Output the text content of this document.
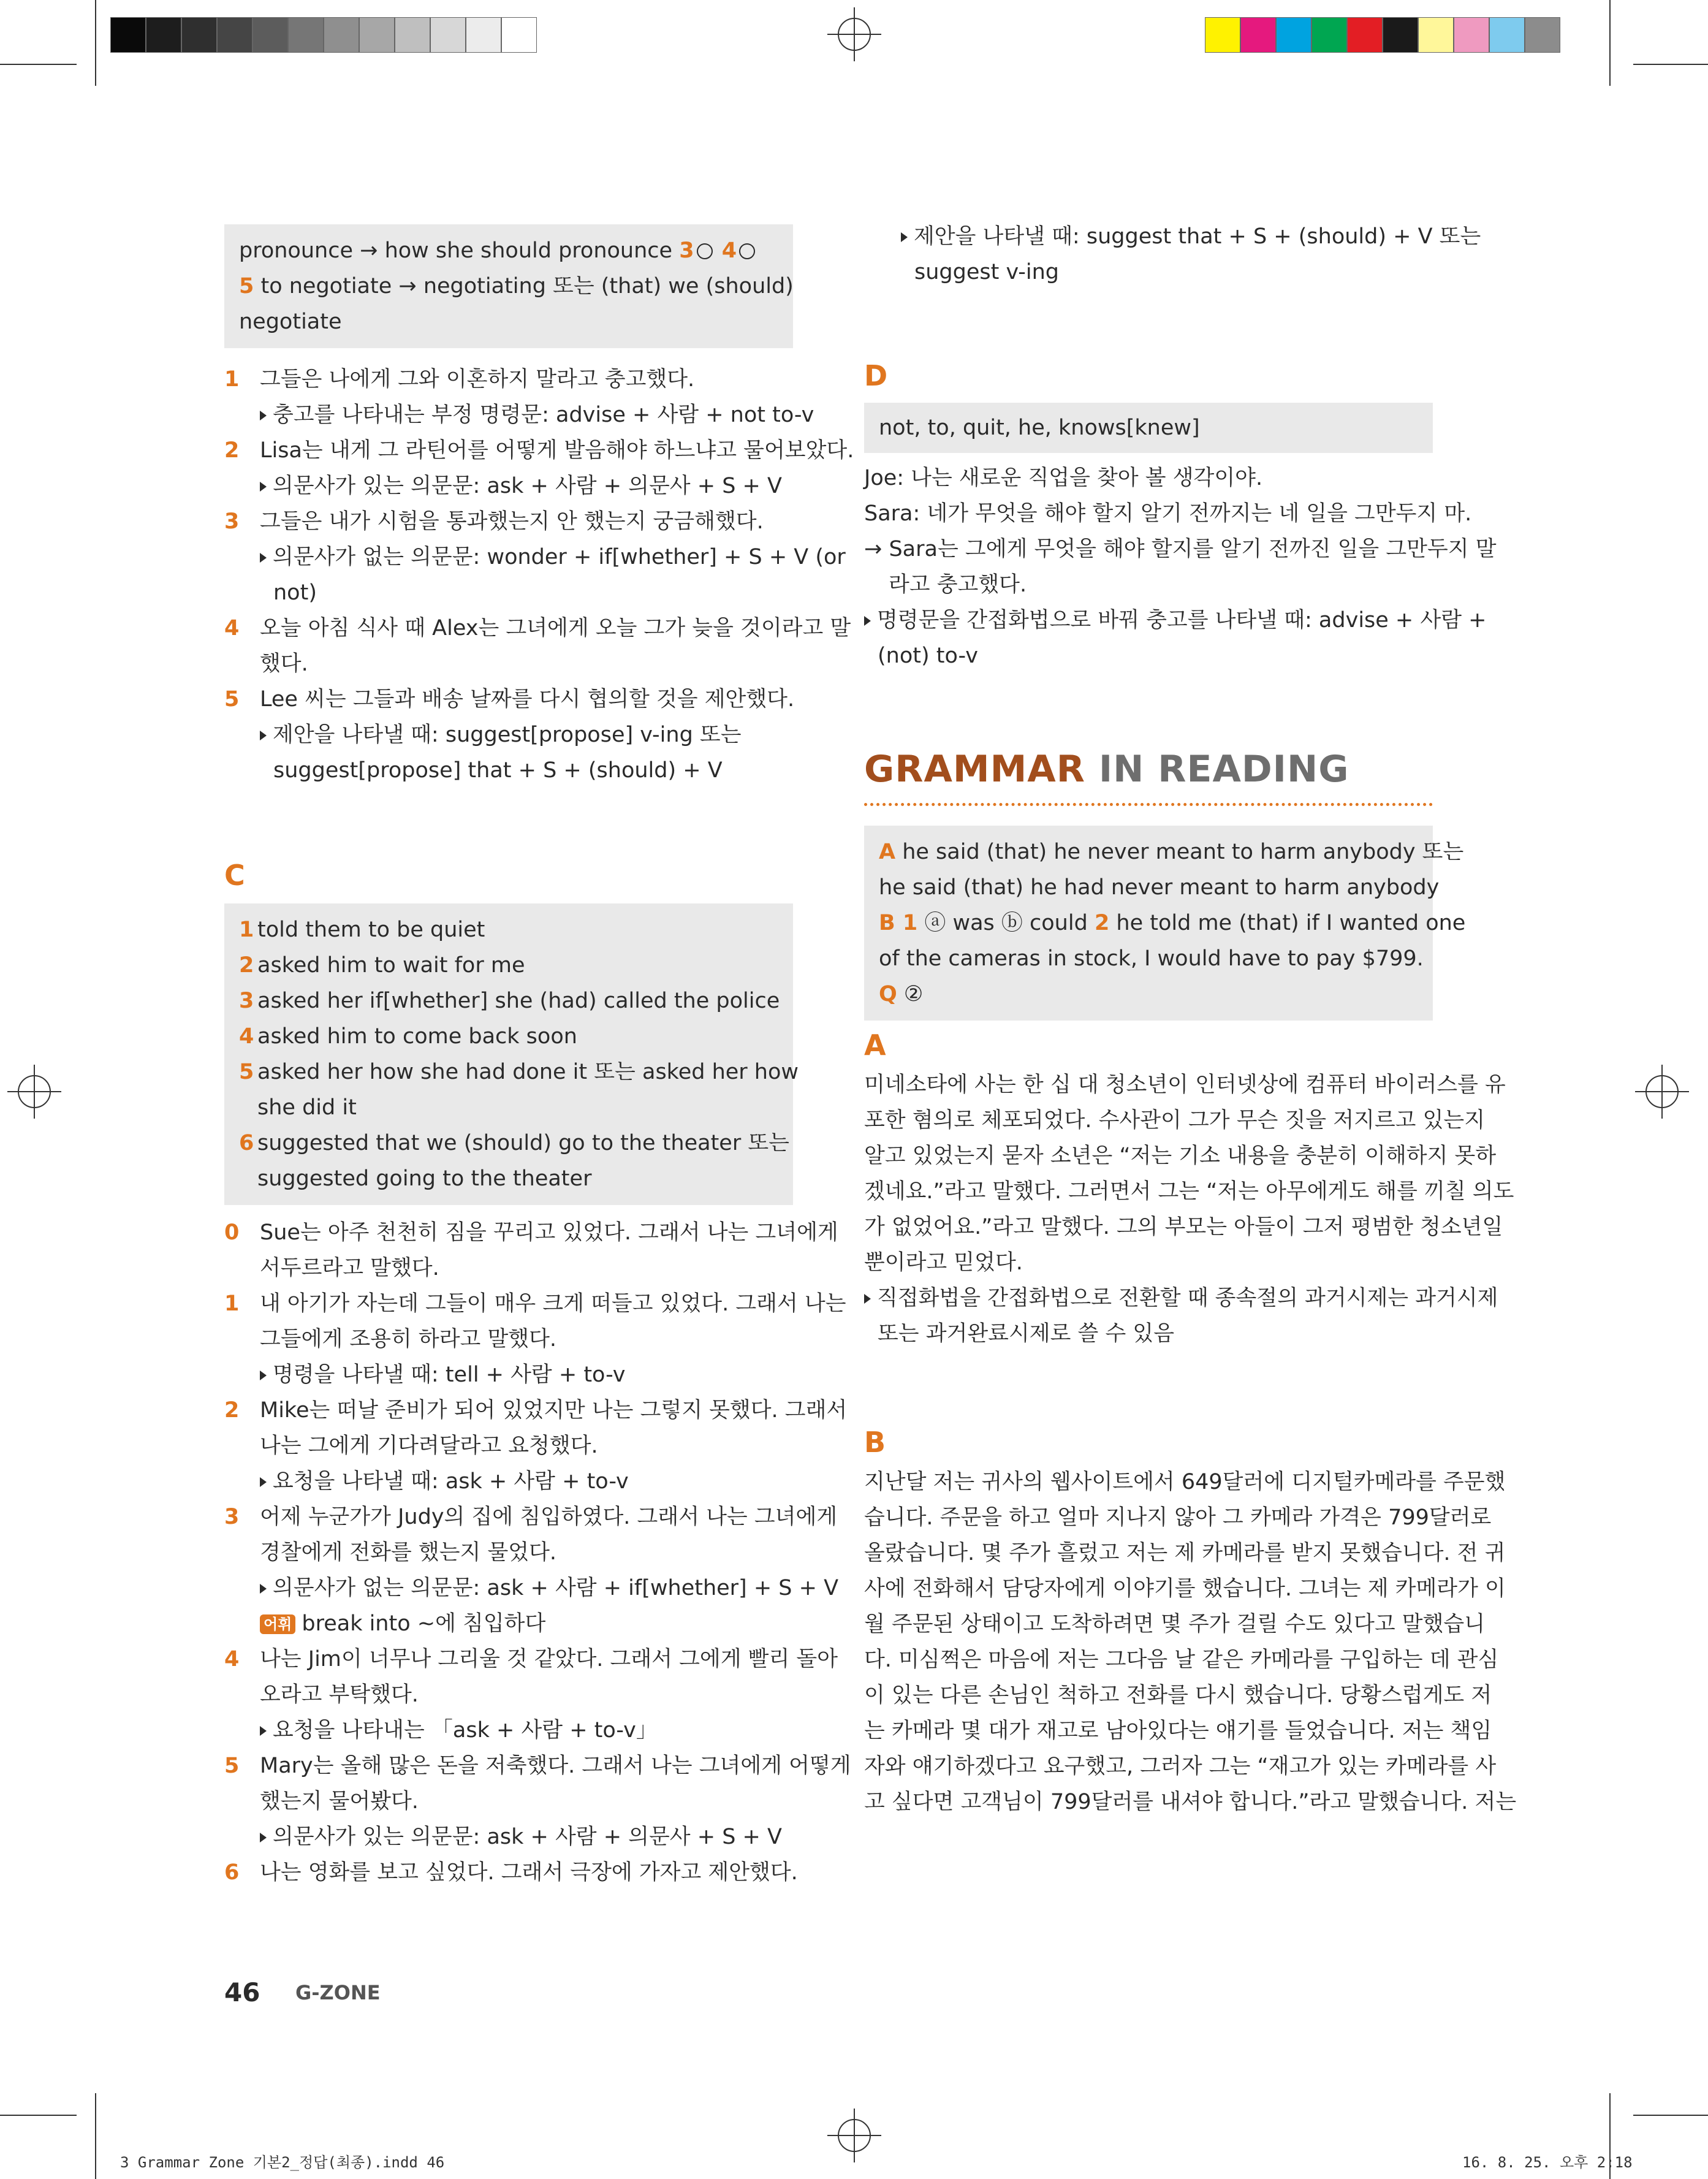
pronounce → how she should pronounce 3 ○ 4
5 to negotiate → negotiating 또는 (that) we (should)
negotiate
1 그들은 나에게 그와 이혼하지 말라고 충고했다.
충고를 나타내는 부정 명령문: advise + 사람 + not to-v
2 Lisa는 내게 그 라틴어를 어떻게 발음해야 하느냐고 물어보았다.
의문사가 있는 의문문: ask + 사람 + 의문사 + S + V
3 그들은 내가 시험을 통과했는지 안 했는지 궁금해했다.
의문사가 없는 의문문: wonder + if[whether] + S + V (or
not)
4 오늘 아침 식사 때 Alex는 그녀에게 오늘 그가 늦을 것이라고 말
했다.
5 Lee 씨는 그들과 배송 날짜를 다시 협의할 것을 제안했다.
제안을 나타낼 때: suggest[propose] v-ing 또는
suggest[propose] that + S + (should) + V
C
1 told them to be quiet
2 asked him to wait for me
3 asked her if[whether] she (had) called the police
4 asked him to come back soon
5 asked her how she had done it 또는 asked her how
she did it
6 suggested that we (should) go to the theater 또는
suggested going to the theater
0 Sue는 아주 천천히 짐을 꾸리고 있었다. 그래서 나는 그녀에게
서두르라고 말했다.
1 내 아기가 자는데 그들이 매우 크게 떠들고 있었다. 그래서 나는
그들에게 조용히 하라고 말했다.
명령을 나타낼 때: tell + 사람 + to-v
2 Mike는 떠날 준비가 되어 있었지만 나는 그렇지 못했다. 그래서
나는 그에게 기다려달라고 요청했다.
요청을 나타낼 때: ask + 사람 + to-v
3 어제 누군가가 Judy의 집에 침입하였다. 그래서 나는 그녀에게
경찰에게 전화를 했는지 물었다.
의문사가 없는 의문문: ask + 사람 + if[whether] + S + V
어휘 break into ~에 침입하다
4 나는 Jim이 너무나 그리울 것 같았다. 그래서 그에게 빨리 돌아
오라고 부탁했다.
요청을 나타내는 「ask + 사람 + to-v」
5 Mary는 올해 많은 돈을 저축했다. 그래서 나는 그녀에게 어떻게
했는지 물어봤다.
의문사가 있는 의문문: ask + 사람 + 의문사 + S + V
6 나는 영화를 보고 싶었다. 그래서 극장에 가자고 제안했다.
제안을 나타낼 때: suggest that + S + (should) + V 또는
suggest v-ing
D
not, to, quit, he, knows[knew]
Joe: 나는 새로운 직업을 찾아 볼 생각이야.
Sara: 네가 무엇을 해야 할지 알기 전까지는 네 일을 그만두지 마.
→ Sara는 그에게 무엇을 해야 할지를 알기 전까진 일을 그만두지 말
라고 충고했다.
명령문을 간접화법으로 바꿔 충고를 나타낼 때: advise + 사람 +
(not) to-v
GRAMMAR IN READING
A he said (that) he never meant to harm anybody 또는
he said (that) he had never meant to harm anybody
B 1 ⓐ was ⓑ could 2 he told me (that) if I wanted one
of the cameras in stock, I would have to pay $799.
Q ②
A
미네소타에 사는 한 십 대 청소년이 인터넷상에 컴퓨터 바이러스를 유
포한 혐의로 체포되었다. 수사관이 그가 무슨 짓을 저지르고 있는지
알고 있었는지 묻자 소년은 “저는 기소 내용을 충분히 이해하지 못하
겠네요.”라고 말했다. 그러면서 그는 “저는 아무에게도 해를 끼칠 의도
가 없었어요.”라고 말했다. 그의 부모는 아들이 그저 평범한 청소년일
뿐이라고 믿었다.
직접화법을 간접화법으로 전환할 때 종속절의 과거시제는 과거시제
또는 과거완료시제로 쓸 수 있음
B
지난달 저는 귀사의 웹사이트에서 649달러에 디지털카메라를 주문했
습니다. 주문을 하고 얼마 지나지 않아 그 카메라 가격은 799달러로
올랐습니다. 몇 주가 흘렀고 저는 제 카메라를 받지 못했습니다. 전 귀
사에 전화해서 담당자에게 이야기를 했습니다. 그녀는 제 카메라가 이
월 주문된 상태이고 도착하려면 몇 주가 걸릴 수도 있다고 말했습니
다. 미심쩍은 마음에 저는 그다음 날 같은 카메라를 구입하는 데 관심
이 있는 다른 손님인 척하고 전화를 다시 했습니다. 당황스럽게도 저
는 카메라 몇 대가 재고로 남아있다는 얘기를 들었습니다. 저는 책임
자와 얘기하겠다고 요구했고, 그러자 그는 “재고가 있는 카메라를 사
고 싶다면 고객님이 799달러를 내셔야 합니다.”라고 말했습니다. 저는
46 G-ZONE
3 Grammar Zone 기본2_정답(최종).indd 46	16. 8. 25. 오후 2:18
